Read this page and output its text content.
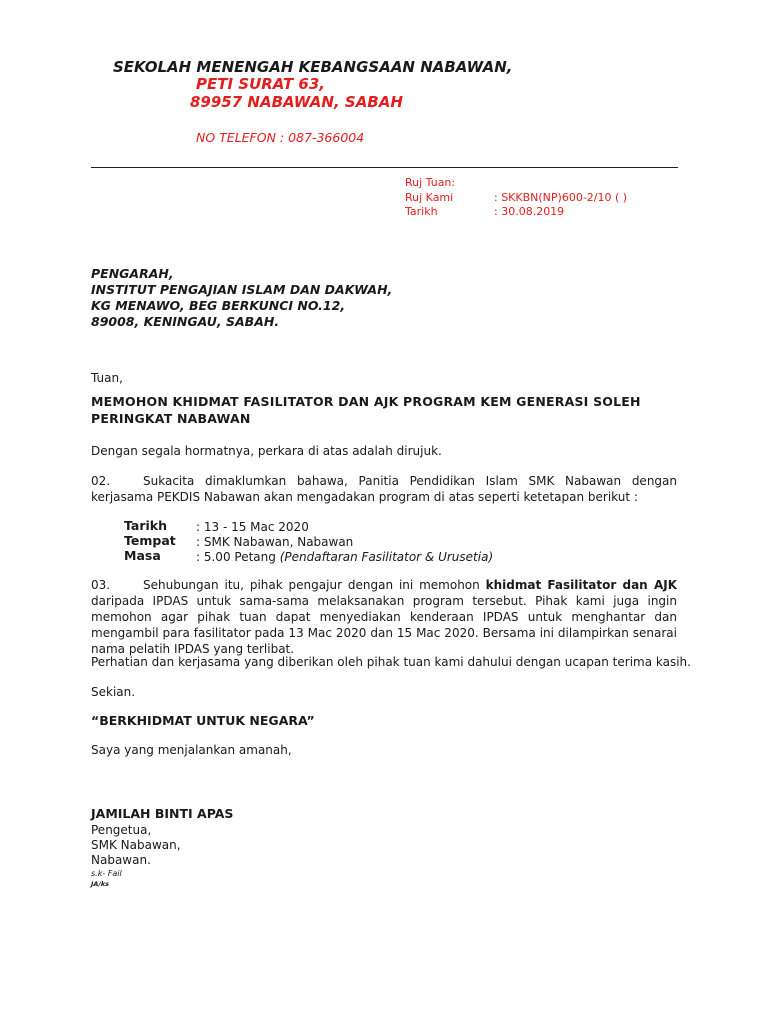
SEKOLAH MENENGAH KEBANGSAAN NABAWAN,
PETI SURAT 63,
89957 NABAWAN, SABAH
NO TELEFON : 087-366004
Ruj Tuan:
Ruj Kami	: SKKBN(NP)600-2/10 ( )
Tarikh	: 30.08.2019
PENGARAH,
INSTITUT PENGAJIAN ISLAM DAN DAKWAH,
KG MENAWO, BEG BERKUNCI NO.12,
89008, KENINGAU, SABAH.
Tuan,
MEMOHON KHIDMAT FASILITATOR DAN AJK PROGRAM KEM GENERASI SOLEH PERINGKAT NABAWAN
Dengan segala hormatnya, perkara di atas adalah dirujuk.
02.	Sukacita dimaklumkan bahawa, Panitia Pendidikan Islam SMK Nabawan dengan kerjasama PEKDIS Nabawan akan mengadakan program di atas seperti ketetapan berikut :
Tarikh : 13 - 15 Mac 2020
Tempat : SMK Nabawan, Nabawan
Masa	: 5.00 Petang (Pendaftaran Fasilitator & Urusetia)
03.	Sehubungan itu, pihak pengajur dengan ini memohon khidmat Fasilitator dan AJK daripada IPDAS untuk sama-sama melaksanakan program tersebut. Pihak kami juga ingin memohon agar pihak tuan dapat menyediakan kenderaan IPDAS untuk menghantar dan mengambil para fasilitator pada 13 Mac 2020 dan 15 Mac 2020. Bersama ini dilampirkan senarai nama pelatih IPDAS yang terlibat.
Perhatian dan kerjasama yang diberikan oleh pihak tuan kami dahului dengan ucapan terima kasih.
Sekian.
“BERKHIDMAT UNTUK NEGARA”
Saya yang menjalankan amanah,
JAMILAH BINTI APAS
Pengetua,
SMK Nabawan,
Nabawan.
s.k- Fail
JA/ks
